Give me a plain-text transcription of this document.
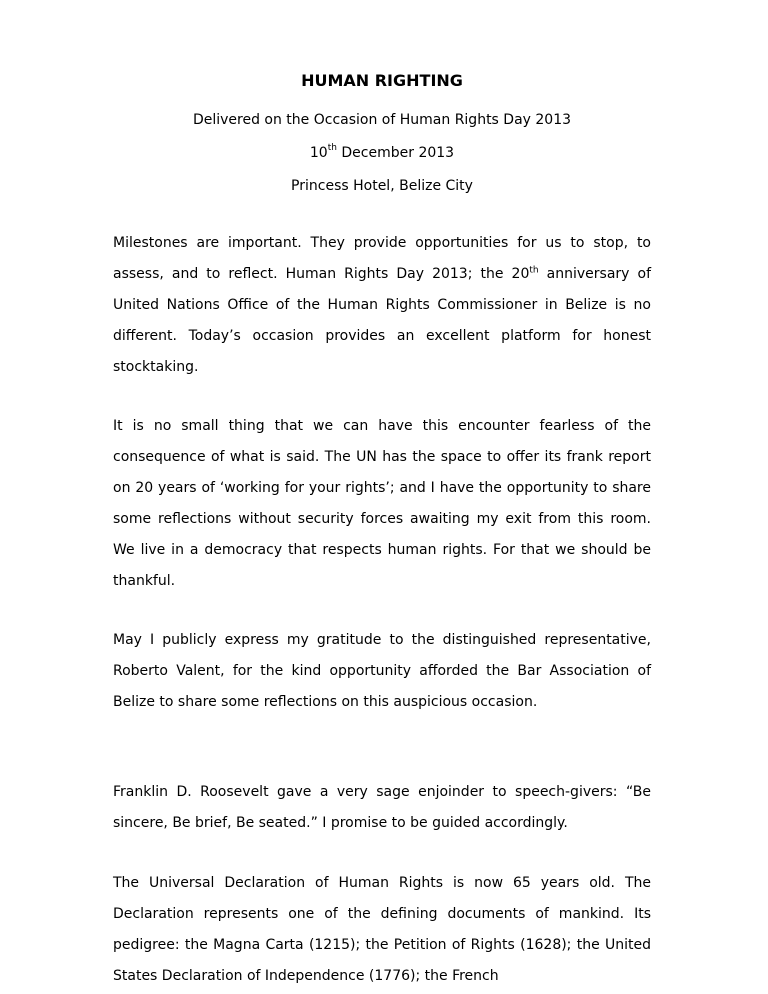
HUMAN RIGHTING
Delivered on the Occasion of Human Rights Day 2013
10th December 2013
Princess Hotel, Belize City

Milestones are important. They provide opportunities for us to stop, to assess, and to reflect. Human Rights Day 2013; the 20th anniversary of United Nations Office of the Human Rights Commissioner in Belize is no different. Today’s occasion provides an excellent platform for honest stocktaking.

It is no small thing that we can have this encounter fearless of the consequence of what is said. The UN has the space to offer its frank report on 20 years of ‘working for your rights’; and I have the opportunity to share some reflections without security forces awaiting my exit from this room. We live in a democracy that respects human rights. For that we should be thankful.

May I publicly express my gratitude to the distinguished representative, Roberto Valent, for the kind opportunity afforded the Bar Association of Belize to share some reflections on this auspicious occasion.

Franklin D. Roosevelt gave a very sage enjoinder to speech-givers: “Be sincere, Be brief, Be seated.” I promise to be guided accordingly.

The Universal Declaration of Human Rights is now 65 years old. The Declaration represents one of the defining documents of mankind. Its pedigree: the Magna Carta (1215); the Petition of Rights (1628); the United States Declaration of Independence (1776); the French
